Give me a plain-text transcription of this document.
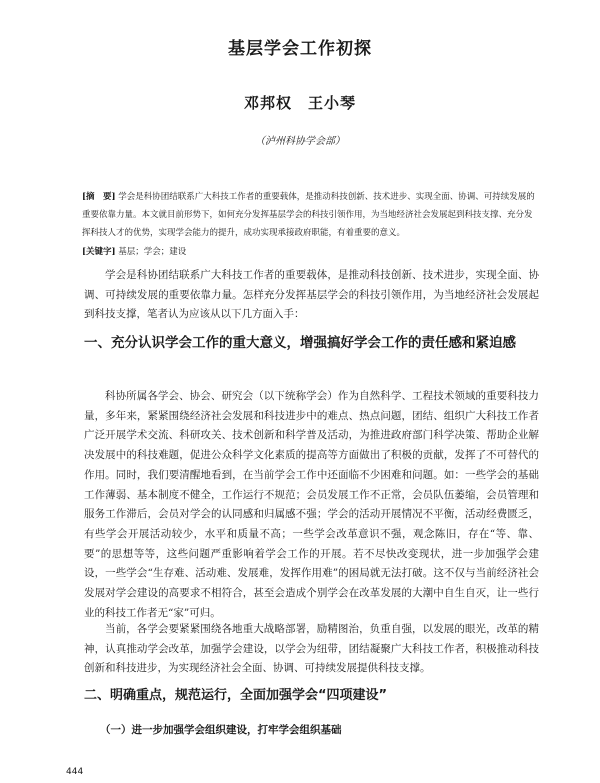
基层学会工作初探
邓邦权　王小琴
（泸州科协学会部）
[摘　要] 学会是科协团结联系广大科技工作者的重要载体，是推动科技创新、技术进步、实现全面、协调、可持续发展的重要依靠力量。本文就目前形势下，如何充分发挥基层学会的科技引领作用，为当地经济社会发展起到科技支撑、充分发挥科技人才的优势，实现学会能力的提升，成功实现承接政府职能，有着重要的意义。
[关键字] 基层；学会；建设
学会是科协团结联系广大科技工作者的重要载体，是推动科技创新、技术进步，实现全面、协调、可持续发展的重要依靠力量。怎样充分发挥基层学会的科技引领作用，为当地经济社会发展起到科技支撑，笔者认为应该从以下几方面入手：
一、充分认识学会工作的重大意义，增强搞好学会工作的责任感和紧迫感
科协所属各学会、协会、研究会（以下统称学会）作为自然科学、工程技术领域的重要科技力量，多年来，紧紧围绕经济社会发展和科技进步中的难点、热点问题，团结、组织广大科技工作者广泛开展学术交流、科研攻关、技术创新和科学普及活动，为推进政府部门科学决策、帮助企业解决发展中的科技难题，促进公众科学文化素质的提高等方面做出了积极的贡献，发挥了不可替代的作用。同时，我们要清醒地看到，在当前学会工作中还面临不少困难和问题。如：一些学会的基础工作薄弱、基本制度不健全，工作运行不规范；会员发展工作不正常，会员队伍萎缩，会员管理和服务工作滞后，会员对学会的认同感和归属感不强；学会的活动开展情况不平衡，活动经费匮乏，有些学会开展活动较少，水平和质量不高；一些学会改革意识不强，观念陈旧，存在“等、靠、要”的思想等等，这些问题严重影响着学会工作的开展。若不尽快改变现状，进一步加强学会建设，一些学会“生存难、活动难、发展难，发挥作用难”的困局就无法打破。这不仅与当前经济社会发展对学会建设的高要求不相符合，甚至会造成个别学会在改革发展的大潮中自生自灭，让一些行业的科技工作者无“家”可归。
当前，各学会要紧紧围绕各地重大战略部署，励精图治，负重自强，以发展的眼光，改革的精神，认真推动学会改革，加强学会建设，以学会为纽带，团结凝聚广大科技工作者，积极推动科技创新和科技进步，为实现经济社会全面、协调、可持续发展提供科技支撑。
二、明确重点，规范运行，全面加强学会“四项建设”
（一）进一步加强学会组织建设，打牢学会组织基础
444
